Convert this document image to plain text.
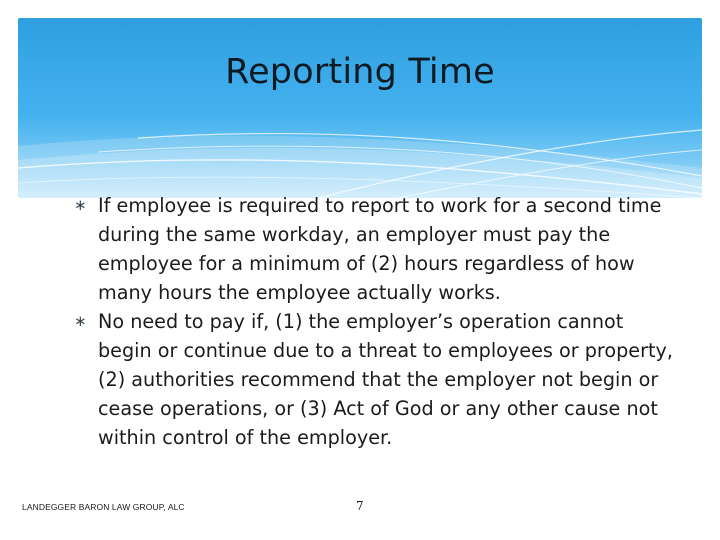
Reporting Time
∗ If employee is required to report to work for a second time during the same workday, an employer must pay the employee for a minimum of (2) hours regardless of how many hours the employee actually works.
∗ No need to pay if, (1) the employer’s operation cannot begin or continue due to a threat to employees or property, (2) authorities recommend that the employer not begin or cease operations, or (3) Act of God or any other cause not within control of the employer.
LANDEGGER BARON LAW GROUP, ALC	7
